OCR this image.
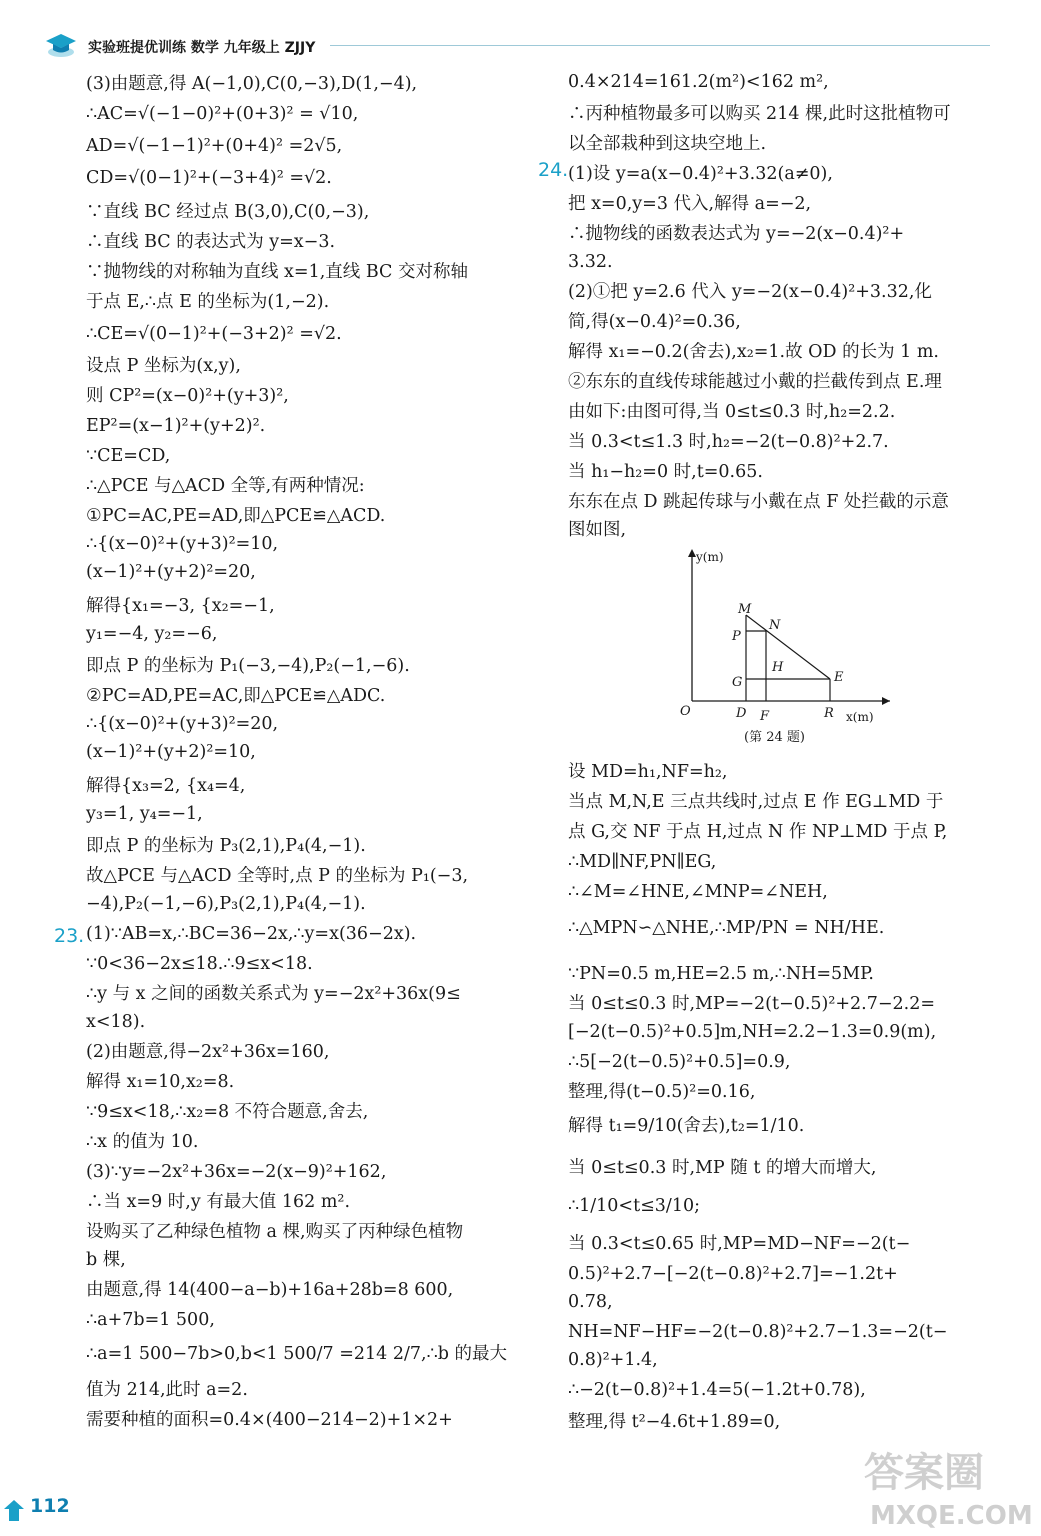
实验班提优训练 数学 九年级上 ZJJY
23.
24.
(3)由题意,得 A(−1,0),C(0,−3),D(1,−4),
∴AC=√(−1−0)²+(0+3)² = √10,
AD=√(−1−1)²+(0+4)² =2√5,
CD=√(0−1)²+(−3+4)² =√2.
∵直线 BC 经过点 B(3,0),C(0,−3),
∴直线 BC 的表达式为 y=x−3.
∵抛物线的对称轴为直线 x=1,直线 BC 交对称轴
于点 E,∴点 E 的坐标为(1,−2).
∴CE=√(0−1)²+(−3+2)² =√2.
设点 P 坐标为(x,y),
则 CP²=(x−0)²+(y+3)²,
EP²=(x−1)²+(y+2)².
∵CE=CD,
∴△PCE 与△ACD 全等,有两种情况:
①PC=AC,PE=AD,即△PCE≌△ACD.
∴{(x−0)²+(y+3)²=10,
(x−1)²+(y+2)²=20,
解得{x₁=−3, {x₂=−1,
y₁=−4, y₂=−6,
即点 P 的坐标为 P₁(−3,−4),P₂(−1,−6).
②PC=AD,PE=AC,即△PCE≌△ADC.
∴{(x−0)²+(y+3)²=20,
(x−1)²+(y+2)²=10,
解得{x₃=2, {x₄=4,
y₃=1, y₄=−1,
即点 P 的坐标为 P₃(2,1),P₄(4,−1).
故△PCE 与△ACD 全等时,点 P 的坐标为 P₁(−3,
−4),P₂(−1,−6),P₃(2,1),P₄(4,−1).
(1)∵AB=x,∴BC=36−2x,∴y=x(36−2x).
∵0<36−2x≤18.∴9≤x<18.
∴y 与 x 之间的函数关系式为 y=−2x²+36x(9≤
x<18).
(2)由题意,得−2x²+36x=160,
解得 x₁=10,x₂=8.
∵9≤x<18,∴x₂=8 不符合题意,舍去,
∴x 的值为 10.
(3)∵y=−2x²+36x=−2(x−9)²+162,
∴当 x=9 时,y 有最大值 162 m².
设购买了乙种绿色植物 a 棵,购买了丙种绿色植物
b 棵,
由题意,得 14(400−a−b)+16a+28b=8 600,
∴a+7b=1 500,
∴a=1 500−7b>0,b<1 500/7 =214 2/7,∴b 的最大
值为 214,此时 a=2.
需要种植的面积=0.4×(400−214−2)+1×2+
0.4×214=161.2(m²)<162 m²,
∴丙种植物最多可以购买 214 棵,此时这批植物可
以全部栽种到这块空地上.
(1)设 y=a(x−0.4)²+3.32(a≠0),
把 x=0,y=3 代入,解得 a=−2,
∴抛物线的函数表达式为 y=−2(x−0.4)²+
3.32.
(2)①把 y=2.6 代入 y=−2(x−0.4)²+3.32,化
简,得(x−0.4)²=0.36,
解得 x₁=−0.2(舍去),x₂=1.故 OD 的长为 1 m.
②东东的直线传球能越过小戴的拦截传到点 E.理
由如下:由图可得,当 0≤t≤0.3 时,h₂=2.2.
当 0.3<t≤1.3 时,h₂=−2(t−0.8)²+2.7.
当 h₁−h₂=0 时,t=0.65.
东东在点 D 跳起传球与小戴在点 F 处拦截的示意
图如图,
设 MD=h₁,NF=h₂,
当点 M,N,E 三点共线时,过点 E 作 EG⊥MD 于
点 G,交 NF 于点 H,过点 N 作 NP⊥MD 于点 P,
∴MD∥NF,PN∥EG,
∴∠M=∠HNE,∠MNP=∠NEH,
∴△MPN∽△NHE,∴MP/PN = NH/HE.
∵PN=0.5 m,HE=2.5 m,∴NH=5MP.
当 0≤t≤0.3 时,MP=−2(t−0.5)²+2.7−2.2=
[−2(t−0.5)²+0.5]m,NH=2.2−1.3=0.9(m),
∴5[−2(t−0.5)²+0.5]=0.9,
整理,得(t−0.5)²=0.16,
解得 t₁=9/10(舍去),t₂=1/10.
当 0≤t≤0.3 时,MP 随 t 的增大而增大,
∴1/10<t≤3/10;
当 0.3<t≤0.65 时,MP=MD−NF=−2(t−
0.5)²+2.7−[−2(t−0.8)²+2.7]=−1.2t+
0.78,
NH=NF−HF=−2(t−0.8)²+2.7−1.3=−2(t−
0.8)²+1.4,
∴−2(t−0.8)²+1.4=5(−1.2t+0.78),
整理,得 t²−4.6t+1.89=0,
y(m)
x(m)
O
M
N
P
G
H
E
D F	R
(第 24 题)
112
答案圈
MXQE.COM
